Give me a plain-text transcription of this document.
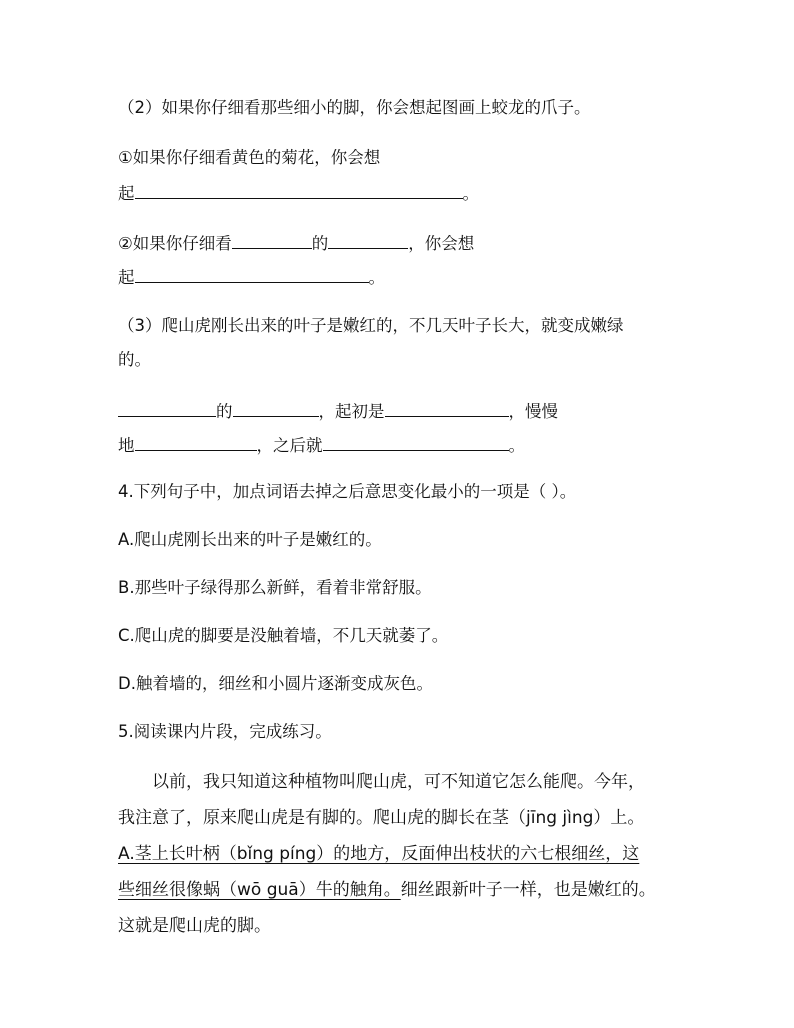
（2）如果你仔细看那些细小的脚，你会想起图画上蛟龙的爪子。
①如果你仔细看黄色的菊花，你会想
起	。
②如果你仔细看	的	，你会想
起	。
（3）爬山虎刚长出来的叶子是嫩红的，不几天叶子长大，就变成嫩绿
的。
的	，起初是	，慢慢
地	，之后就	。
4.下列句子中，加点词语去掉之后意思变化最小的一项是（ ）。
A.爬山虎刚长出来的叶子是嫩红的。
B.那些叶子绿得那么新鲜，看着非常舒服。
C.爬山虎的脚要是没触着墙，不几天就萎了。
D.触着墙的，细丝和小圆片逐渐变成灰色。
5.阅读课内片段，完成练习。
以前，我只知道这种植物叫爬山虎，可不知道它怎么能爬。今年，
我注意了，原来爬山虎是有脚的。爬山虎的脚长在茎（jīng jìng）上。
A.茎上长叶柄（bǐng píng）的地方，反面伸出枝状的六七根细丝，这
些细丝很像蜗（wō guā）牛的触角。细丝跟新叶子一样，也是嫩红的。
这就是爬山虎的脚。
